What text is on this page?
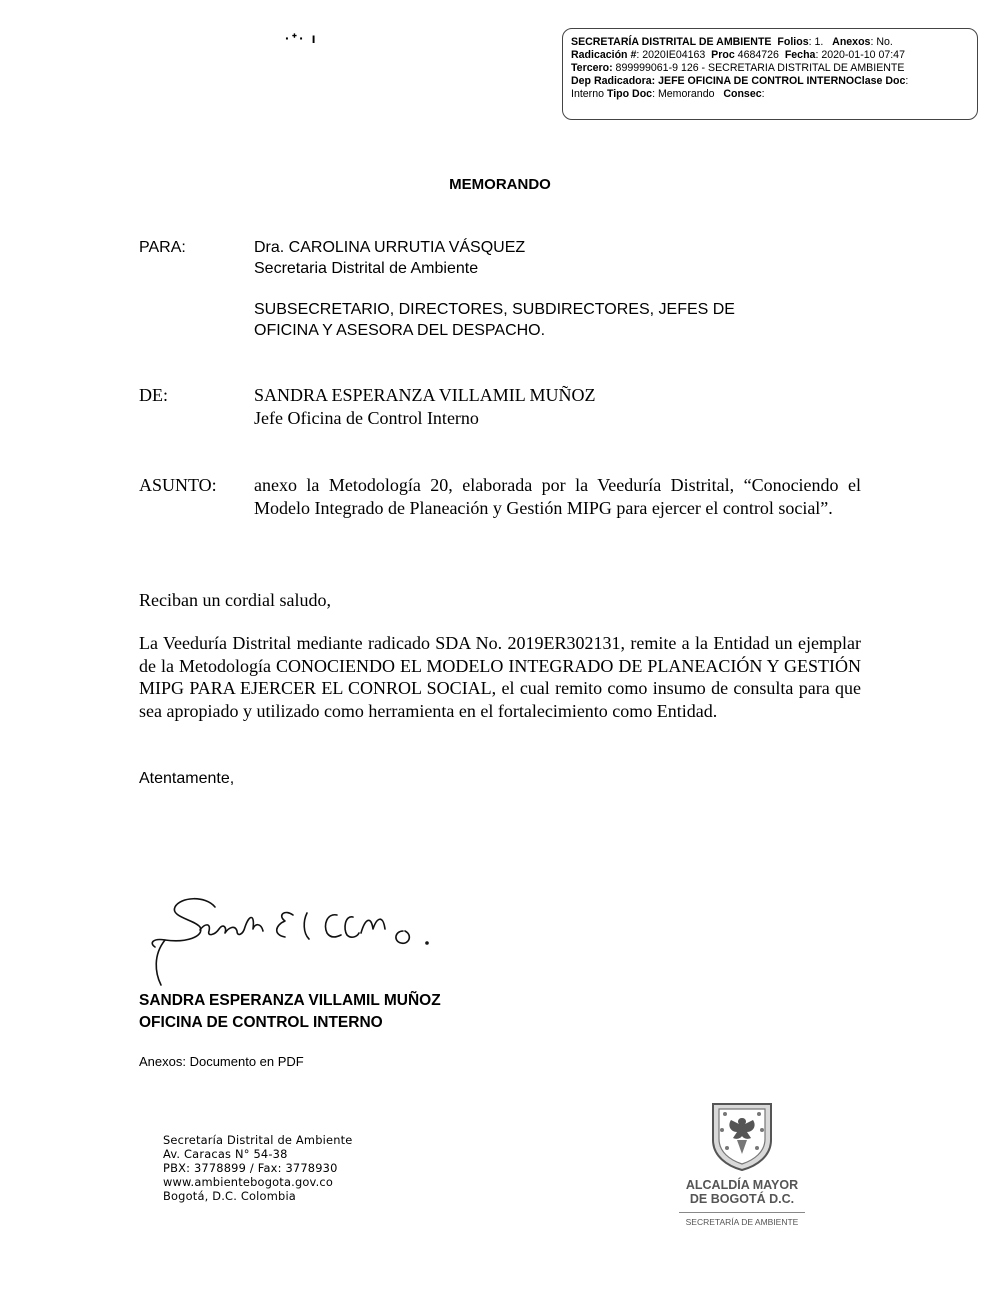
·ᐩ· ı	SECRETARÍA DISTRITAL DE AMBIENTE Folios: 1. Anexos: No.
Radicación #: 2020IE04163 Proc 4684726 Fecha: 2020-01-10 07:47
Tercero: 899999061-9 126 - SECRETARIA DISTRITAL DE AMBIENTE
Dep Radicadora: JEFE OFICINA DE CONTROL INTERNOClase Doc:
Interno Tipo Doc: Memorando Consec:
MEMORANDO
PARA:	Dra. CAROLINA URRUTIA VÁSQUEZ
Secretaria Distrital de Ambiente
SUBSECRETARIO, DIRECTORES, SUBDIRECTORES, JEFES DE
OFICINA Y ASESORA DEL DESPACHO.
DE:	SANDRA ESPERANZA VILLAMIL MUÑOZ
Jefe Oficina de Control Interno
ASUNTO: anexo la Metodología 20, elaborada por la Veeduría Distrital, “Conociendo el Modelo Integrado de Planeación y Gestión MIPG para ejercer el control social”.
Reciban un cordial saludo,
La Veeduría Distrital mediante radicado SDA No. 2019ER302131, remite a la Entidad un ejemplar de la Metodología CONOCIENDO EL MODELO INTEGRADO DE PLANEACIÓN Y GESTIÓN MIPG PARA EJERCER EL CONROL SOCIAL, el cual remito como insumo de consulta para que sea apropiado y utilizado como herramienta en el fortalecimiento como Entidad.
Atentamente,
SANDRA ESPERANZA VILLAMIL MUÑOZ
OFICINA DE CONTROL INTERNO
Anexos: Documento en PDF
Secretaría Distrital de Ambiente
Av. Caracas N° 54-38
PBX: 3778899 / Fax: 3778930
www.ambientebogota.gov.co
Bogotá, D.C. Colombia
ALCALDÍA MAYOR
DE BOGOTÁ D.C.
SECRETARÍA DE AMBIENTE
